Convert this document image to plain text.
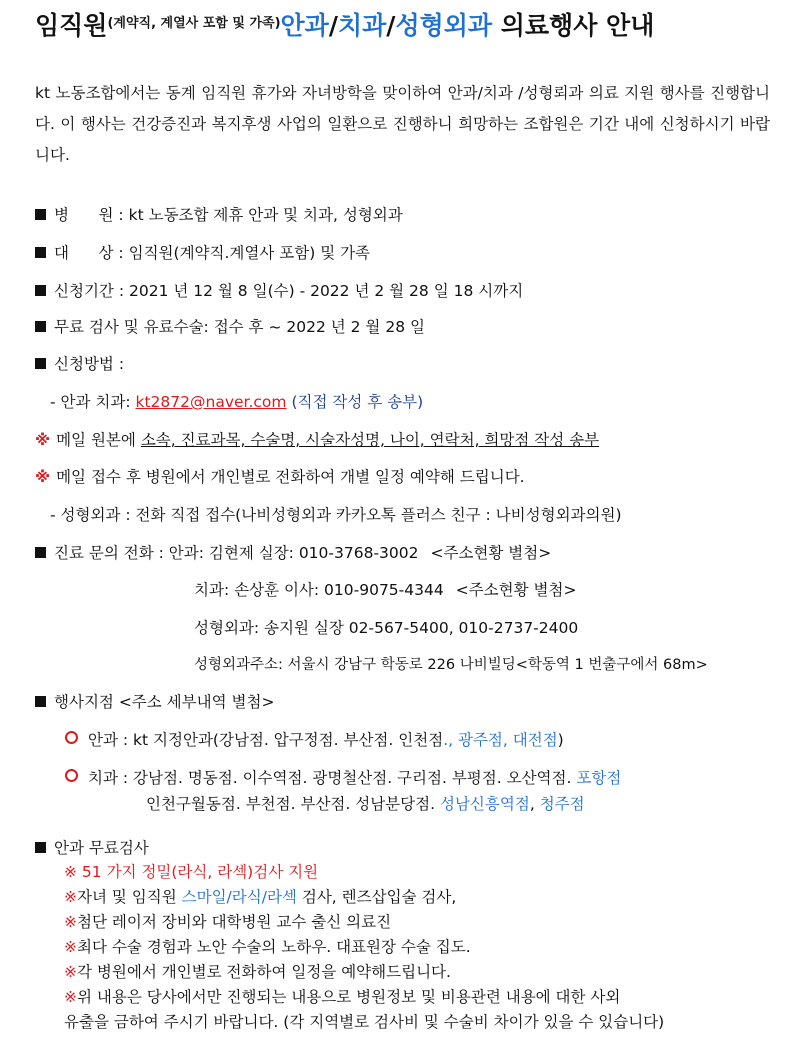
임직원$^{(계약직, 계열사 포함 및 가족)}$안과/치과/성형외과 의료행사 안내
kt 노동조합에서는 동계 임직원 휴가와 자녀방학을 맞이하여 안과/치과 /성형뢰과 의료 지원 행사를 진행합니다. 이 행사는 건강증진과 복지후생 사업의 일환으로 진행하니 희망하는 조합원은 기간 내에 신청하시기 바랍니다.
병      원 : kt 노동조합 제휴 안과 및 치과, 성형외과
대      상 : 임직원(계약직.계열사 포함) 및 가족
신청기간 : 2021 년 12 월 8 일(수) - 2022 년 2 월 28 일 18 시까지
무료 검사 및 유료수술: 접수 후 ~ 2022 년 2 월 28 일
신청방법 :
- 안과 치과: kt2872@naver.com (직접 작성 후 송부)
※ 메일 원본에 소속, 진료과목, 수술명, 시술자성명, 나이, 연락처, 희망점 작성 송부
※ 메일 접수 후 병원에서 개인별로 전화하여 개별 일정 예약해 드립니다.
- 성형외과 : 전화 직접 접수(나비성형외과 카카오톡 플러스 친구 : 나비성형외과의원)
진료 문의 전화 : 안과: 김현제 실장: 010-3768-3002 <주소현황 별첨>
치과: 손상훈 이사: 010-9075-4344 <주소현황 별첨>
성형외과: 송지원 실장 02-567-5400, 010-2737-2400
성형외과주소: 서울시 강남구 학동로 226 나비빌딩<학동역 1 번출구에서 68m>
행사지점 <주소 세부내역 별첨>
안과 : kt 지정안과(강남점. 압구정점. 부산점. 인천점., 광주점, 대전점)
치과 : 강남점. 명동점. 이수역점. 광명철산점. 구리점. 부평점. 오산역점. 포항점
인천구월동점. 부천점. 부산점. 성남분당점. 성남신흥역점, 청주점
안과 무료검사
※ 51 가지 정밀(라식, 라섹)검사 지원
※자녀 및 임직원 스마일/라식/라섹 검사, 렌즈삽입술 검사,
※첨단 레이저 장비와 대학병원 교수 출신 의료진
※최다 수술 경험과 노안 수술의 노하우. 대표원장 수술 집도.
※각 병원에서 개인별로 전화하여 일정을 예약해드립니다.
※위 내용은 당사에서만 진행되는 내용으로 병원정보 및 비용관련 내용에 대한 사외
유출을 금하여 주시기 바랍니다. (각 지역별로 검사비 및 수술비 차이가 있을 수 있습니다)
